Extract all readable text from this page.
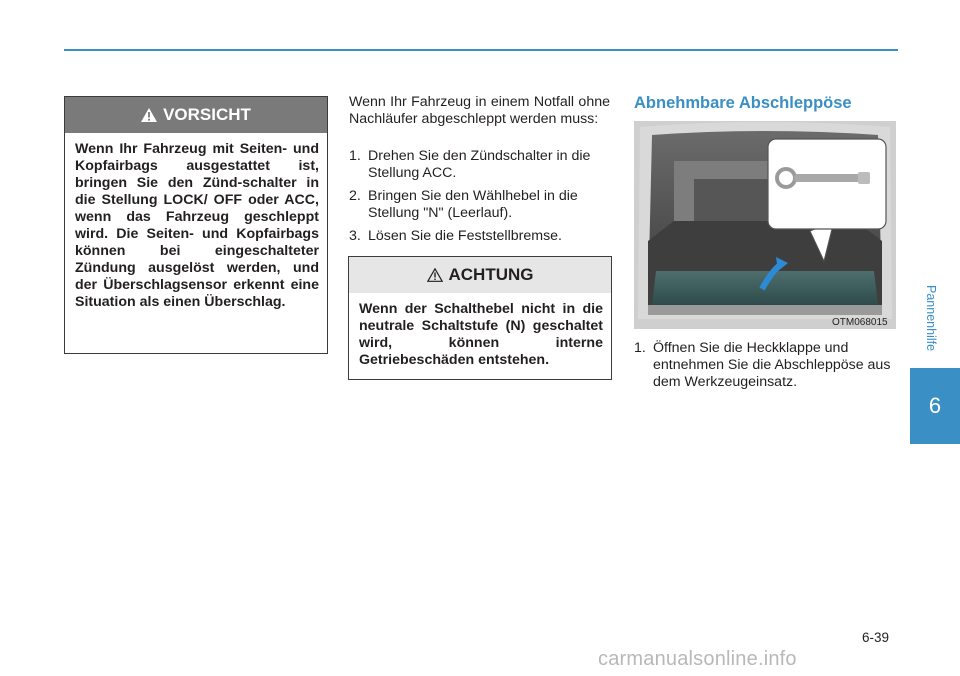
VORSICHT
Wenn Ihr Fahrzeug mit Seiten- und Kopfairbags ausgestattet ist, bringen Sie den Zünd-schalter in die Stellung LOCK/ OFF oder ACC, wenn das Fahrzeug geschleppt wird. Die Seiten- und Kopfairbags können bei eingeschalteter Zündung ausgelöst werden, und der Überschlagsensor erkennt eine Situation als einen Überschlag.
Wenn Ihr Fahrzeug in einem Notfall ohne Nachläufer abgeschleppt werden muss:
1. Drehen Sie den Zündschalter in die Stellung ACC.
2. Bringen Sie den Wählhebel in die Stellung "N" (Leerlauf).
3. Lösen Sie die Feststellbremse.
ACHTUNG
Wenn der Schalthebel nicht in die neutrale Schaltstufe (N) geschaltet wird, können interne Getriebeschäden entstehen.
Abnehmbare Abschleppöse
OTM068015
1. Öffnen Sie die Heckklappe und entnehmen Sie die Abschleppöse aus dem Werkzeugeinsatz.
Pannenhilfe
6
6-39
carmanualsonline.info
